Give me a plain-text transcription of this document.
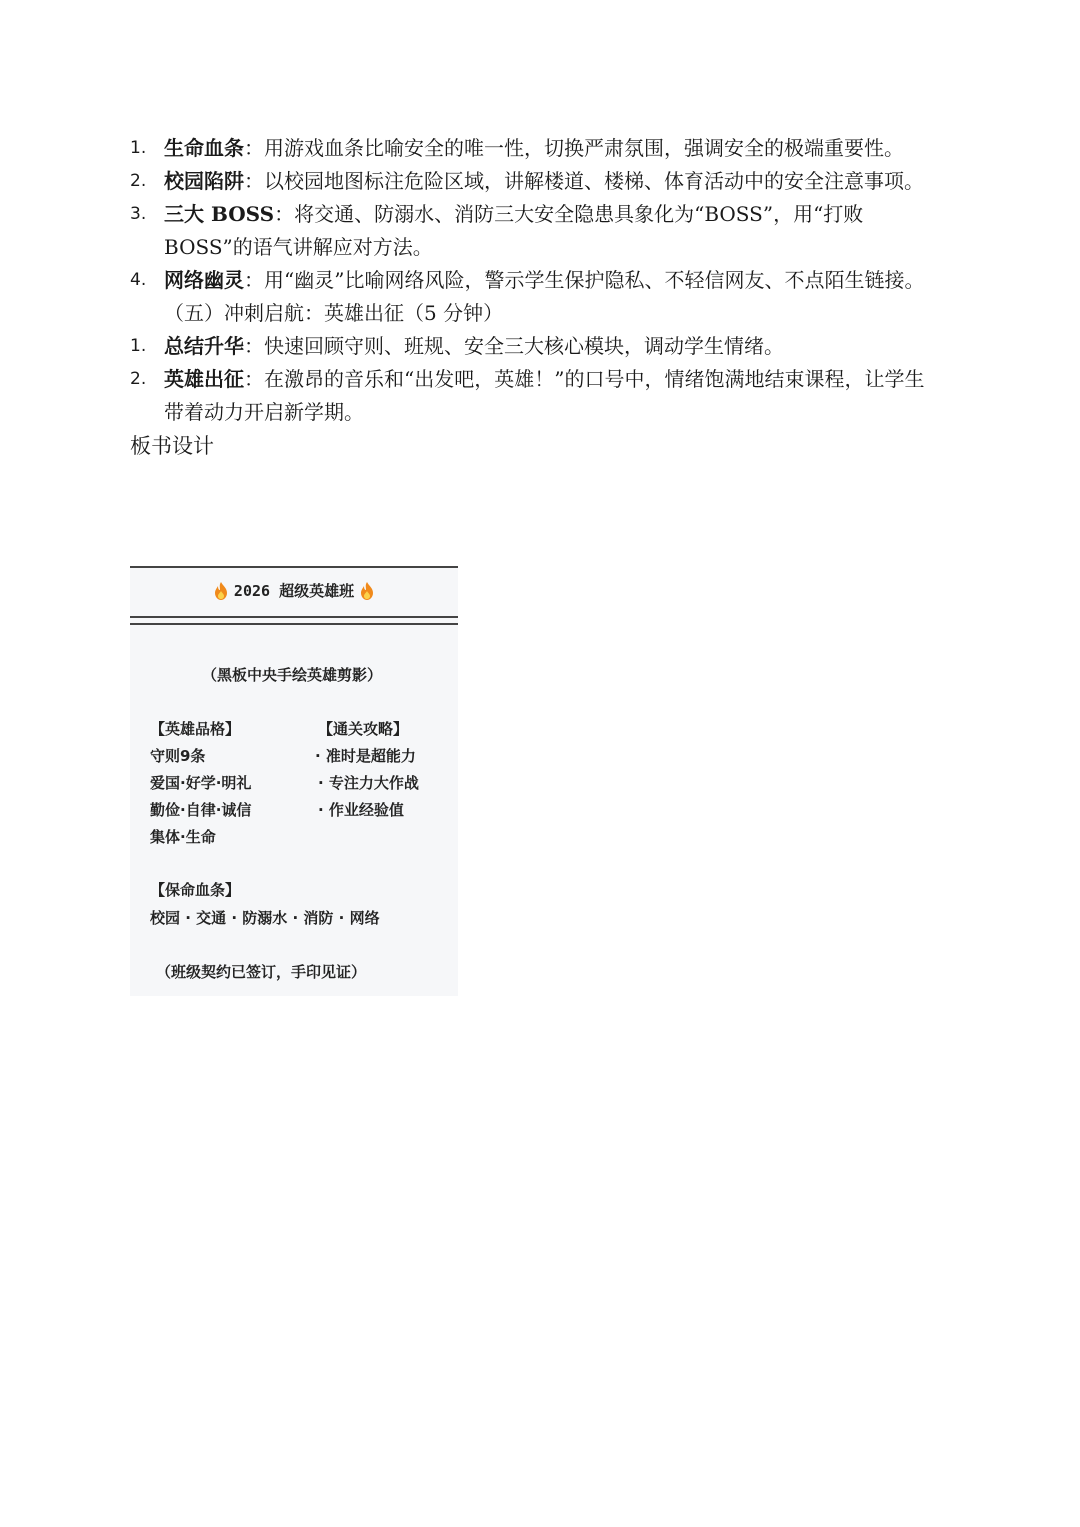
1. 生命血条：用游戏血条比喻安全的唯一性，切换严肃氛围，强调安全的极端重要性。
2. 校园陷阱：以校园地图标注危险区域，讲解楼道、楼梯、体育活动中的安全注意事项。
3. 三大 BOSS：将交通、防溺水、消防三大安全隐患具象化为“BOSS”，用“打败BOSS”的语气讲解应对方法。
4. 网络幽灵：用“幽灵”比喻网络风险，警示学生保护隐私、不轻信网友、不点陌生链接。
（五）冲刺启航：英雄出征（5 分钟）
1. 总结升华：快速回顾守则、班规、安全三大核心模块，调动学生情绪。
2. 英雄出征：在激昂的音乐和“出发吧，英雄！”的口号中，情绪饱满地结束课程，让学生带着动力开启新学期。
板书设计
2026 超级英雄班
（黑板中央手绘英雄剪影）
【英雄品格】	【通关攻略】
守则9条	· 准时是超能力
爱国·好学·明礼	· 专注力大作战
勤俭·自律·诚信	· 作业经验值
集体·生命
【保命血条】
校园 · 交通 · 防溺水 · 消防 · 网络
（班级契约已签订，手印见证）
